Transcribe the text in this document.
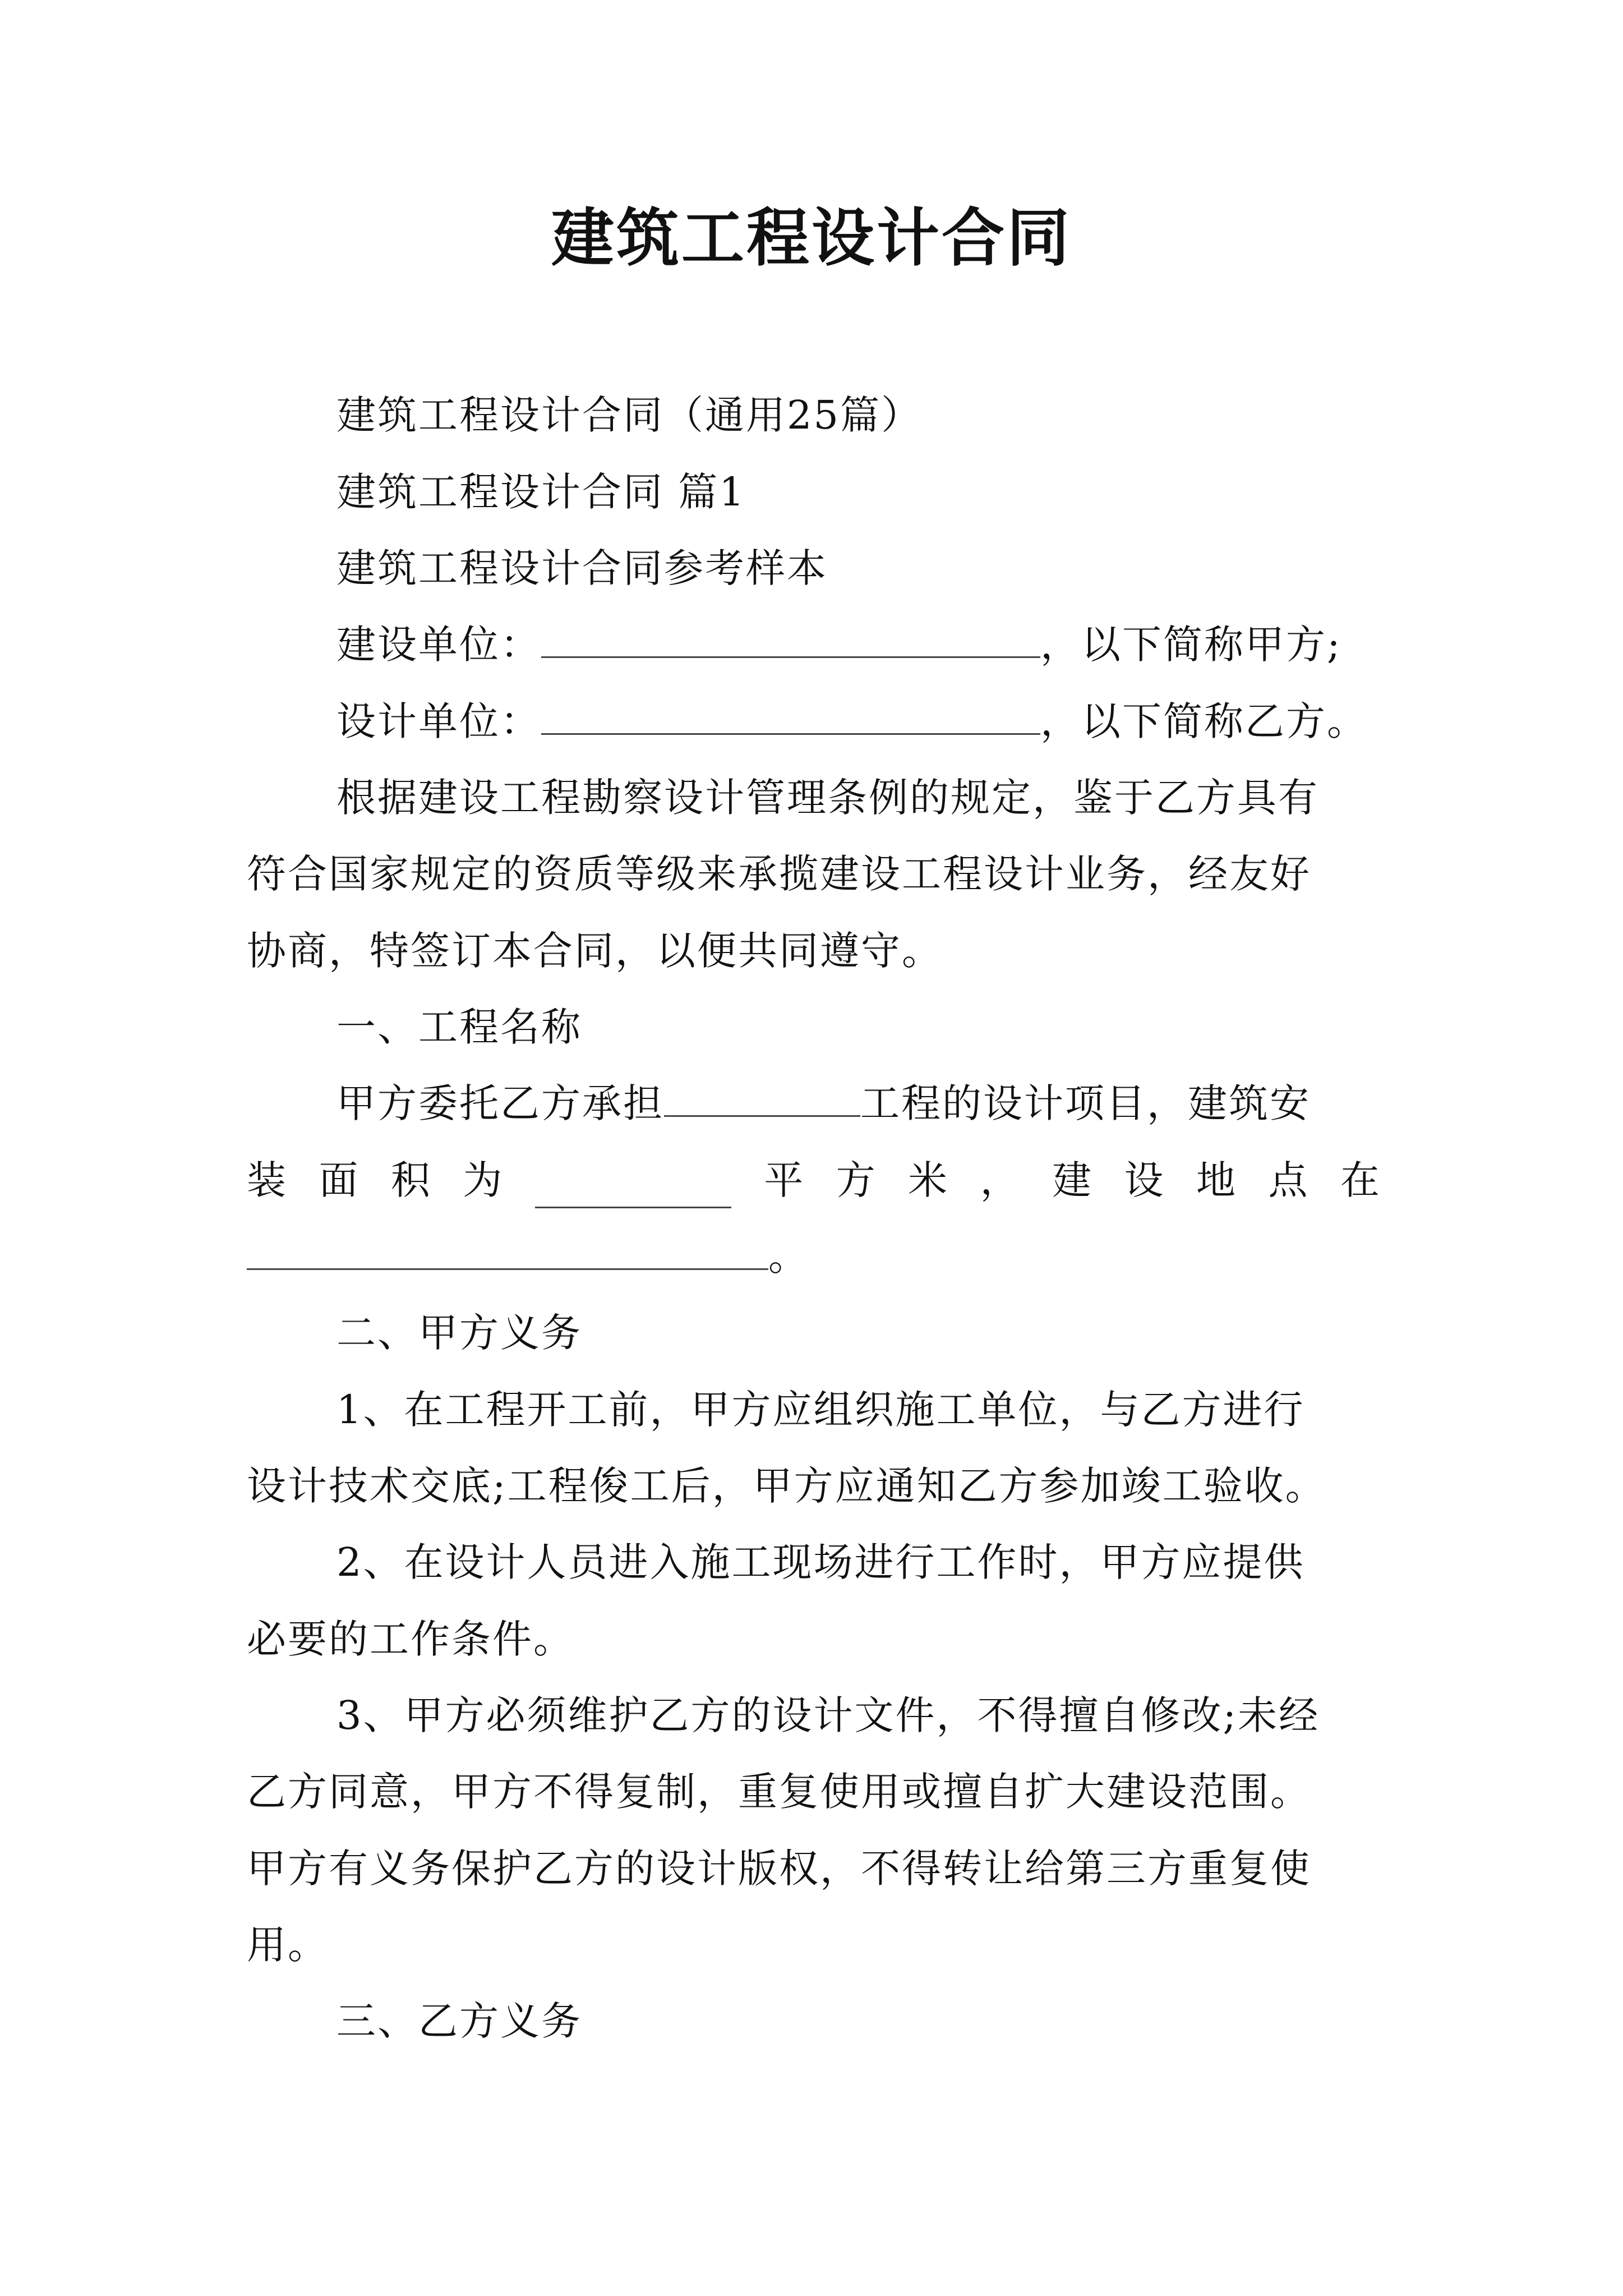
建筑工程设计合同
建筑工程设计合同（通用25篇）
建筑工程设计合同 篇1
建筑工程设计合同参考样本
建设单位：	，以下简称甲方;
设计单位：	，以下简称乙方。
根据建设工程勘察设计管理条例的规定，鉴于乙方具有
符合国家规定的资质等级来承揽建设工程设计业务，经友好
协商，特签订本合同，以便共同遵守。
一、工程名称
甲方委托乙方承担	工程的设计项目，建筑安
装 面 积 为	平 方 米 ， 建 设 地 点 在
。
二、甲方义务
1、在工程开工前，甲方应组织施工单位，与乙方进行
设计技术交底;工程俊工后，甲方应通知乙方参加竣工验收。
2、在设计人员进入施工现场进行工作时，甲方应提供
必要的工作条件。
3、甲方必须维护乙方的设计文件，不得擅自修改;未经
乙方同意，甲方不得复制，重复使用或擅自扩大建设范围。
甲方有义务保护乙方的设计版权，不得转让给第三方重复使
用。
三、乙方义务
